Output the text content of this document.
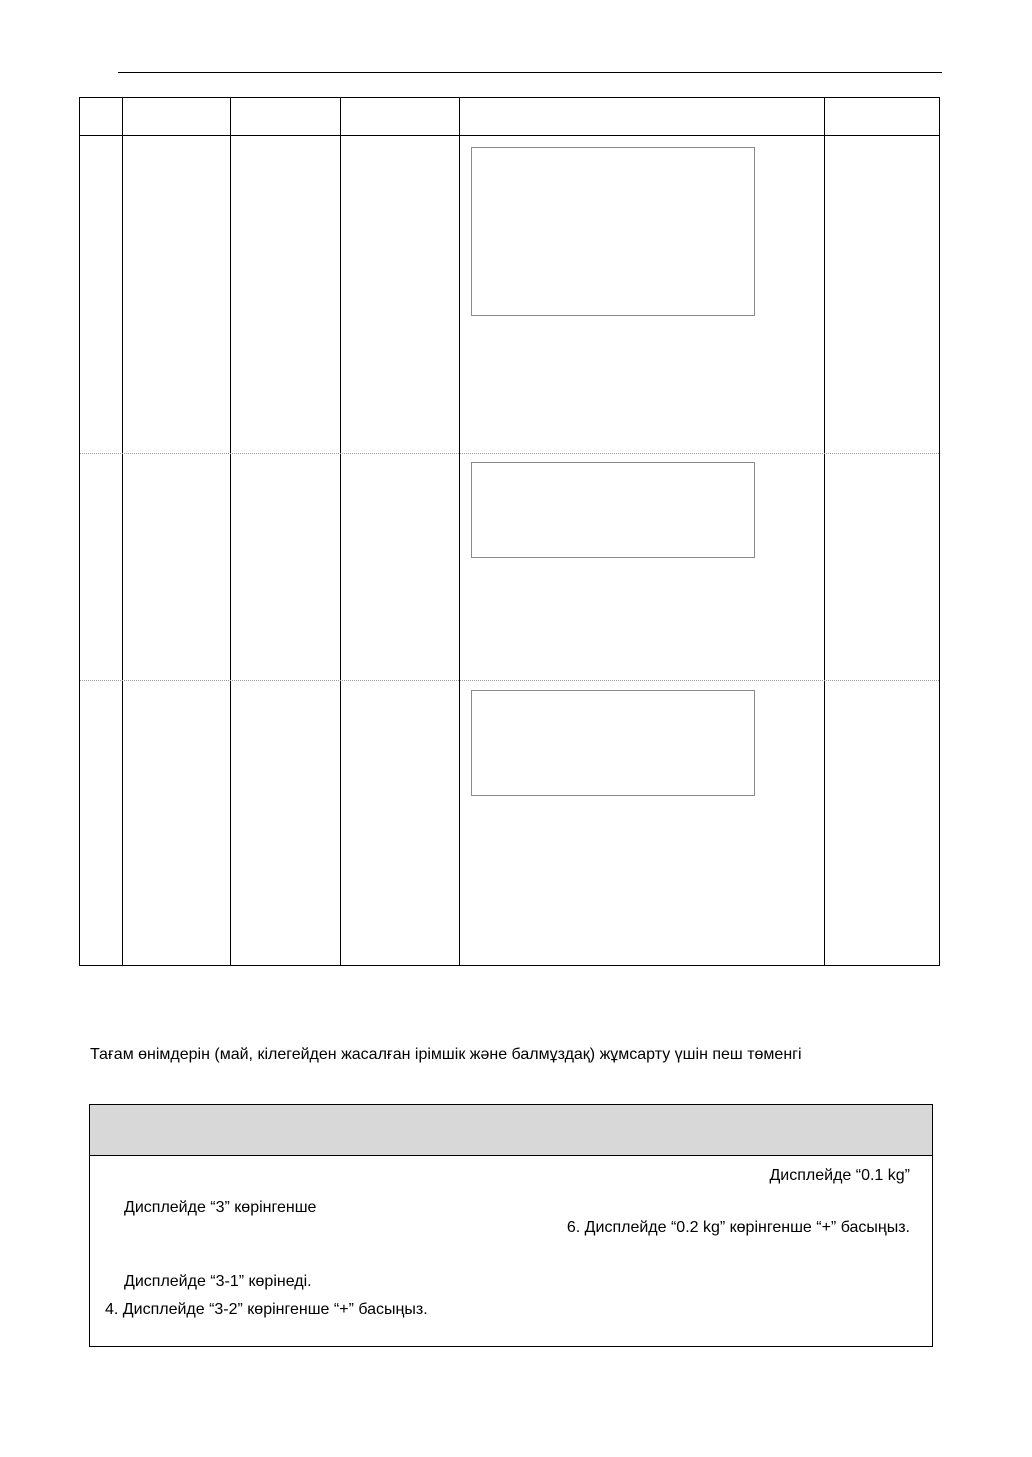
Тағам өнімдерін (май, кілегейден жасалған ірімшік және балмұздақ) жұмсарту үшін пеш төменгі
Дисплейде “0.1 kg”
Дисплейде “3” көрінгенше
6. Дисплейде “0.2 kg” көрінгенше “+” басыңыз.
Дисплейде “3-1” көрінеді.
4. Дисплейде “3-2” көрінгенше “+” басыңыз.
